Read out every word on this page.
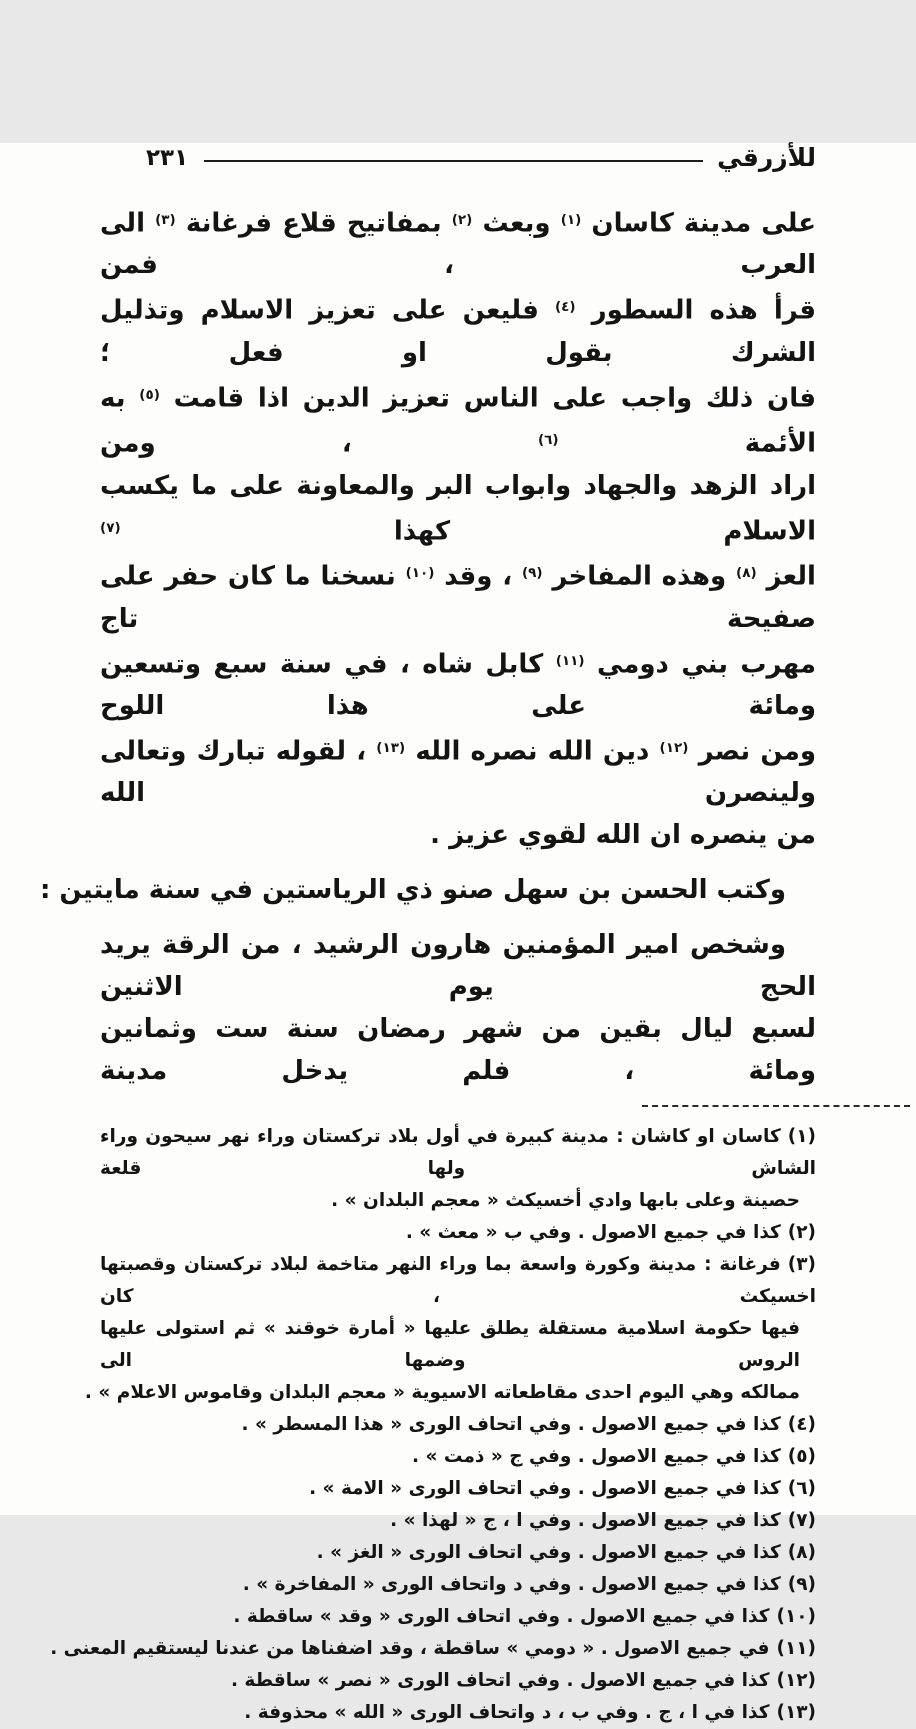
للأزرقي
٢٣١
على مدينة كاسان $^{(١)}$ وبعث $^{(٢)}$ بمفاتيح قلاع فرغانة $^{(٣)}$ الى العرب ، فمن
قرأ هذه السطور $^{(٤)}$ فليعن على تعزيز الاسلام وتذليل الشرك بقول او فعل ؛
فان ذلك واجب على الناس تعزيز الدين اذا قامت $^{(٥)}$ به الأئمة $^{(٦)}$ ، ومن
اراد الزهد والجهاد وابواب البر والمعاونة على ما يكسب الاسلام كهذا $^{(٧)}$
العز $^{(٨)}$ وهذه المفاخر $^{(٩)}$ ، وقد $^{(١٠)}$ نسخنا ما كان حفر على صفيحة تاج
مهرب بني دومي $^{(١١)}$ كابل شاه ، في سنة سبع وتسعين ومائة على هذا اللوح
ومن نصر $^{(١٢)}$ دين الله نصره الله $^{(١٣)}$ ، لقوله تبارك وتعالى ولينصرن الله
من ينصره ان الله لقوي عزيز .
وكتب الحسن بن سهل صنو ذي الرياستين في سنة مايتين :
وشخص امير المؤمنين هارون الرشيد ، من الرقة يريد الحج يوم الاثنين
لسبع ليال بقين من شهر رمضان سنة ست وثمانين ومائة ، فلم يدخل مدينة
(١)كاسان او كاشان : مدينة كبيرة في أول بلاد تركستان وراء نهر سيحون وراء الشاش ولها قلعة
حصينة وعلى بابها وادي أخسيكث « معجم البلدان » .
(٢)كذا في جميع الاصول . وفي ب « معث » .
(٣)فرغانة : مدينة وكورة واسعة بما وراء النهر متاخمة لبلاد تركستان وقصبتها اخسيكث ، كان
فيها حكومة اسلامية مستقلة يطلق عليها « أمارة خوقند » ثم استولى عليها الروس وضمها الى
ممالكه وهي اليوم احدى مقاطعاته الاسيوية « معجم البلدان وقاموس الاعلام » .
(٤)كذا في جميع الاصول . وفي اتحاف الورى « هذا المسطر » .
(٥)كذا في جميع الاصول . وفي ج « ذمت » .
(٦)كذا في جميع الاصول . وفي اتحاف الورى « الامة » .
(٧)كذا في جميع الاصول . وفي ا ، ج « لهذا » .
(٨)كذا في جميع الاصول . وفي اتحاف الورى « الغز » .
(٩)كذا في جميع الاصول . وفي د واتحاف الورى « المفاخرة » .
(١٠)كذا في جميع الاصول . وفي اتحاف الورى « وقد » ساقطة .
(١١)في جميع الاصول . « دومي » ساقطة ، وقد اضفناها من عندنا ليستقيم المعنى .
(١٢)كذا في جميع الاصول . وفي اتحاف الورى « نصر » ساقطة .
(١٣)كذا في ا ، ج . وفي ب ، د واتحاف الورى « الله » محذوفة .
